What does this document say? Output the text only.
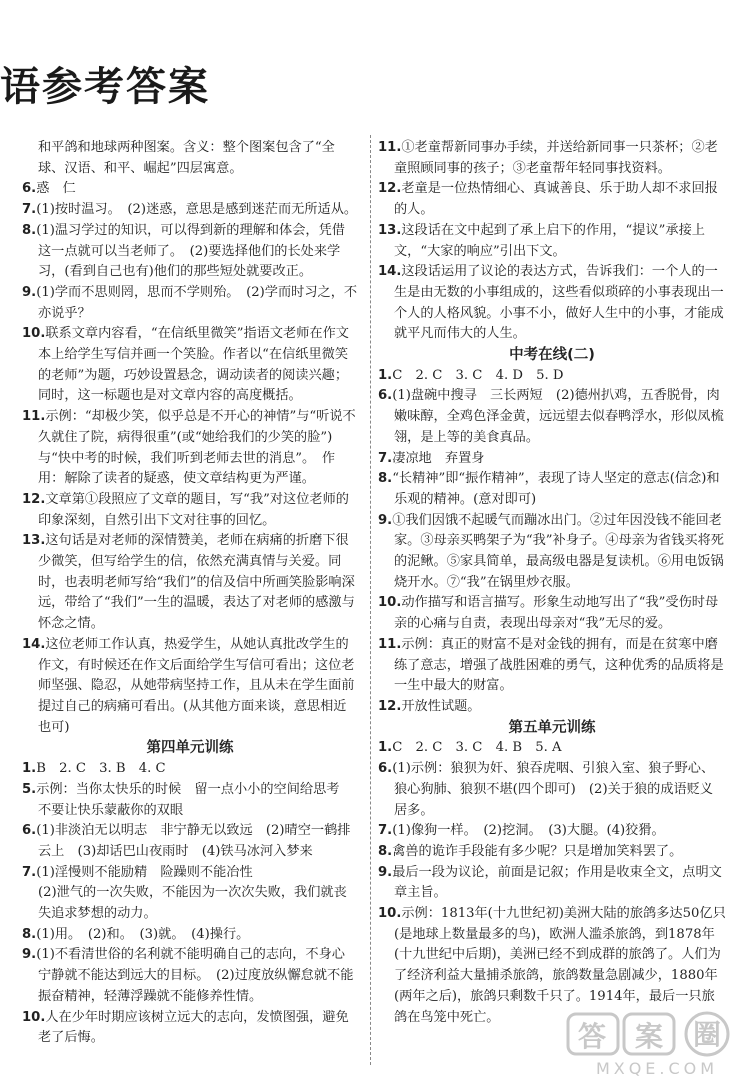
语参考答案

和平鸽和地球两种图案。含义：整个图案包含了“全球、汉语、和平、崛起”四层寓意。

6.惑　仁

7.(1)按时温习。　(2)迷惑，意思是感到迷茫而无所适从。

8.(1)温习学过的知识，可以得到新的理解和体会，凭借这一点就可以当老师了。　(2)要选择他们的长处来学习，(看到自己也有)他们的那些短处就要改正。

9.(1)学而不思则罔，思而不学则殆。　(2)学而时习之，不亦说乎？

10.联系文章内容看，“在信纸里微笑”指语文老师在作文本上给学生写信并画一个笑脸。作者以“在信纸里微笑的老师”为题，巧妙设置悬念，调动读者的阅读兴趣；同时，这一标题也是对文章内容的高度概括。

11.示例：“却极少笑，似乎总是不开心的神情”与“听说不久就住了院，病得很重”(或“她给我们的少笑的脸”)与“快中考的时候，我们听到老师去世的消息”。　作用：解除了读者的疑惑，使文章结构更为严谨。

12.文章第①段照应了文章的题目，写“我”对这位老师的印象深刻，自然引出下文对往事的回忆。

13.这句话是对老师的深情赞美，老师在病痛的折磨下很少微笑，但写给学生的信，依然充满真情与关爱。同时，也表明老师写给“我们”的信及信中所画笑脸影响深远，带给了“我们”一生的温暖，表达了对老师的感激与怀念之情。

14.这位老师工作认真，热爱学生，从她认真批改学生的作文，有时候还在作文后面给学生写信可看出；这位老师坚强、隐忍，从她带病坚持工作，且从未在学生面前提过自己的病痛可看出。(从其他方面来谈，意思相近也可)

第四单元训练

1.B　2. C　3. B　4. C

5.示例：当你太快乐的时候　留一点小小的空间给思考　不要让快乐蒙蔽你的双眼

6.(1)非淡泊无以明志　非宁静无以致远　(2)晴空一鹤排云上　(3)却话巴山夜雨时　(4)铁马冰河入梦来

7.(1)淫慢则不能励精　险躁则不能冶性

(2)泄气的一次失败，不能因为一次次失败，我们就丧失追求梦想的动力。

8.(1)用。　(2)和。　(3)就。　(4)操行。

9.(1)不看清世俗的名利就不能明确自己的志向，不身心宁静就不能达到远大的目标。　(2)过度放纵懈怠就不能振奋精神，轻薄浮躁就不能修养性情。

10.人在少年时期应该树立远大的志向，发愤图强，避免老了后悔。

11.①老童帮新同事办手续，并送给新同事一只茶杯；②老童照顾同事的孩子；③老童帮年轻同事找资料。

12.老童是一位热情细心、真诚善良、乐于助人却不求回报的人。

13.这段话在文中起到了承上启下的作用，“提议”承接上文，“大家的响应”引出下文。

14.这段话运用了议论的表达方式，告诉我们：一个人的一生是由无数的小事组成的，这些看似琐碎的小事表现出一个人的人格风貌。小事不小，做好人生中的小事，才能成就平凡而伟大的人生。

中考在线(二)

1.C　2. C　3. C　4. D　5. D

6.(1)盘碗中搜寻　三长两短　(2)德州扒鸡，五香脱骨，肉嫩味醇，全鸡色泽金黄，远远望去似春鸭浮水，形似凤梳翎，是上等的美食真品。

7.凄凉地　弃置身

8.“长精神”即“振作精神”，表现了诗人坚定的意志(信念)和乐观的精神。(意对即可)

9.①我们因饿不起暖气而蹦冰出门。②过年因没钱不能回老家。③母亲买鸭架子为“我”补身子。④母亲为省钱买将死的泥鳅。⑤家具简单，最高级电器是复读机。⑥用电饭锅烧开水。⑦“我”在锅里炒衣服。

10.动作描写和语言描写。形象生动地写出了“我”受伤时母亲的心痛与自责，表现出母亲对“我”无尽的爱。

11.示例：真正的财富不是对金钱的拥有，而是在贫寒中磨练了意志，增强了战胜困难的勇气，这种优秀的品质将是一生中最大的财富。

12.开放性试题。

第五单元训练

1.C　2. C　3. C　4. B　5. A

6.(1)示例：狼狈为奸、狼吞虎咽、引狼入室、狼子野心、狼心狗肺、狼狈不堪(四个即可)　(2)关于狼的成语贬义居多。

7.(1)像狗一样。　(2)挖洞。　(3)大腿。(4)狡猾。

8.禽兽的诡诈手段能有多少呢？只是增加笑料罢了。

9.最后一段为议论，前面是记叙；作用是收束全文，点明文章主旨。

10.示例：1813年(十九世纪初)美洲大陆的旅鸽多达50亿只(是地球上数量最多的鸟)，欧洲人滥杀旅鸽，到1878年(十九世纪中后期)，美洲已经不到成群的旅鸽了。人们为了经济利益大量捕杀旅鸽，旅鸽数量急剧减少，1880年(两年之后)，旅鸽只剩数千只了。1914年，最后一只旅鸽在鸟笼中死亡。

答 案 圈
MXQE.COM
